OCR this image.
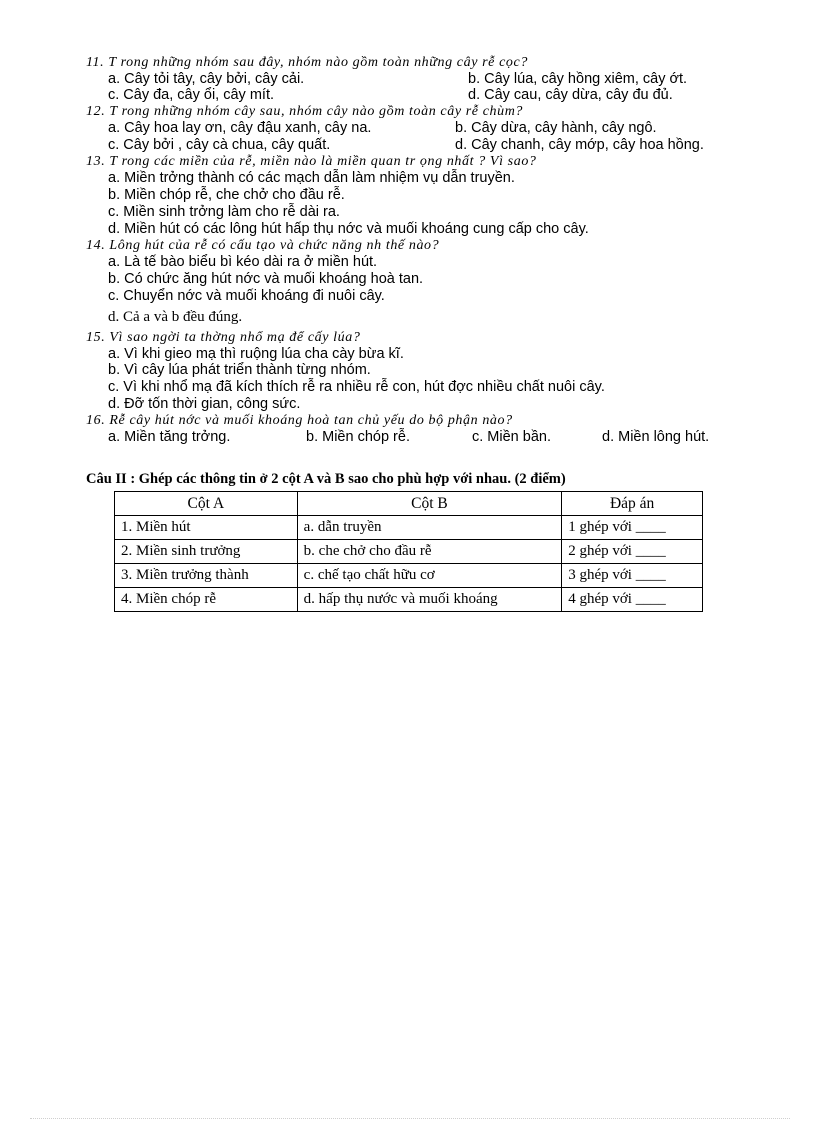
11. T rong những nhóm sau đây, nhóm nào gồm toàn những cây rễ cọc?
a. Cây tỏi tây, cây bởi, cây cải.	b. Cây lúa, cây hồng xiêm, cây ớt.
c. Cây đa, cây ổi, cây mít.	d. Cây cau, cây dừa, cây đu đủ.
12. T rong những nhóm cây sau, nhóm cây nào gồm toàn cây rễ chùm?
a. Cây hoa lay ơn, cây đậu xanh, cây na.	b. Cây dừa, cây hành, cây ngô.
c. Cây bởi , cây cà chua, cây quất.	d. Cây chanh, cây mớp, cây hoa hồng.
13. T rong các miền của rễ, miền nào là miền quan tr ọng nhất ? Vì sao?
a. Miền trởng thành có các mạch dẫn làm nhiệm vụ dẫn truyền.
b. Miền chóp rễ, che chở cho đầu rễ.
c. Miền sinh trởng làm cho rễ dài ra.
d. Miền hút có các lông hút hấp thụ nớc và muối khoáng cung cấp cho cây.
14. Lông hút của rễ có cấu tạo và chức năng nh thế nào?
a. Là tế bào biểu bì kéo dài ra ở miền hút.
b. Có chức ăng hút nớc và muối khoáng hoà tan.
c. Chuyển nớc và muối khoáng đi nuôi cây.
d. Cả a và b đều đúng.
15. Vì sao ngời ta thờng nhổ mạ để cấy lúa?
a. Vì khi gieo mạ thì ruộng lúa cha cày bừa kĩ.
b. Vì cây lúa phát triển thành từng nhóm.
c. Vì khi nhổ mạ đã kích thích rễ ra nhiều rễ con, hút đợc nhiều chất nuôi cây.
d. Đỡ tốn thời gian, công sức.
16. Rễ cây hút nớc và muối khoáng hoà tan chủ yếu do bộ phận nào?
a. Miền tăng trởng.	b. Miền chóp rễ.	c. Miền bần.	d. Miền lông hút.
Câu II : Ghép các thông tin ở 2 cột A và B sao cho phù hợp với nhau. (2 điểm)
Cột A	Cột B	Đáp án
1. Miền hút	a. dẫn truyền	1 ghép với ____
2. Miền sinh trưởng	b. che chở cho đầu rễ	2 ghép với ____
3. Miền trưởng thành	c. chế tạo chất hữu cơ	3 ghép với ____
4. Miền chóp rễ	d. hấp thụ nước và muối khoáng	4 ghép với ____
